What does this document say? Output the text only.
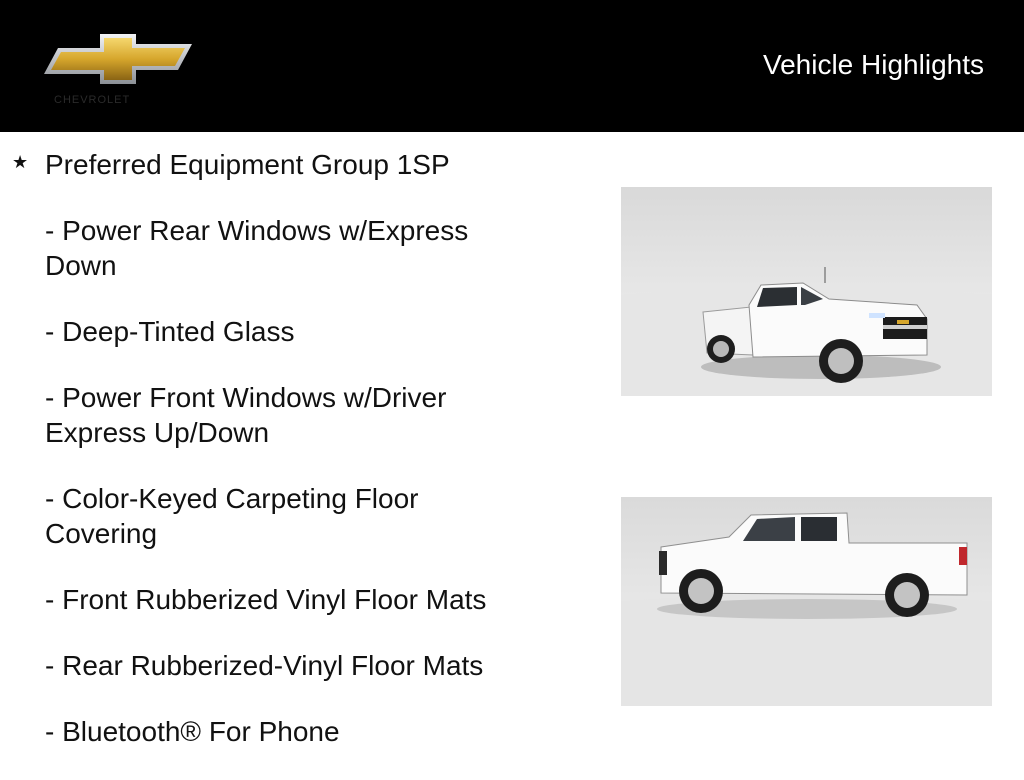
CHEVROLET
Vehicle Highlights
★ Preferred Equipment Group 1SP
- Power Rear Windows w/Express Down
- Deep-Tinted Glass
- Power Front Windows w/Driver Express Up/Down
- Color-Keyed Carpeting Floor Covering
- Front Rubberized Vinyl Floor Mats
- Rear Rubberized-Vinyl Floor Mats
- Bluetooth® For Phone
